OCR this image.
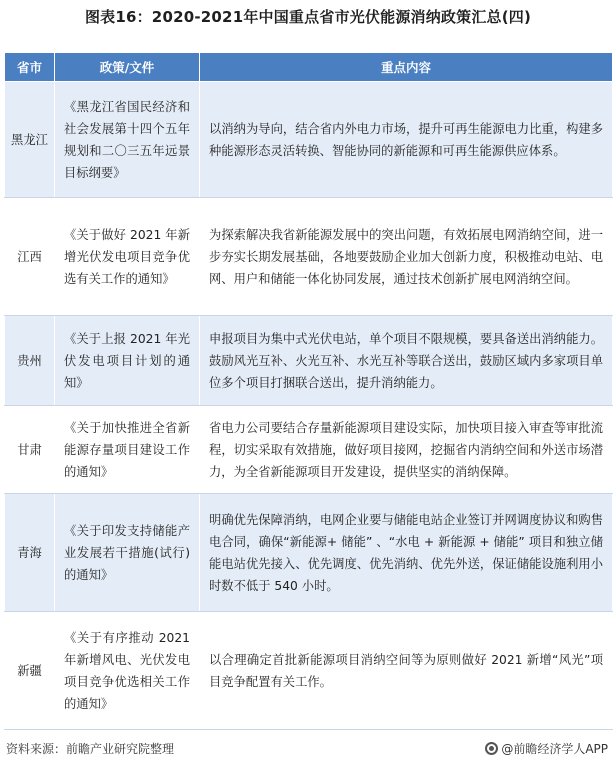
图表16：2020-2021年中国重点省市光伏能源消纳政策汇总(四)
省市	政策/文件	重点内容
黑龙江	《黑龙江省国民经济和社会发展第十四个五年规划和二〇三五年远景目标纲要》	以消纳为导向，结合省内外电力市场，提升可再生能源电力比重，构建多种能源形态灵活转换、智能协同的新能源和可再生能源供应体系。
江西	《关于做好 2021 年新增光伏发电项目竞争优选有关工作的通知》	为探索解决我省新能源发展中的突出问题，有效拓展电网消纳空间，进一步夯实长期发展基础，各地要鼓励企业加大创新力度，积极推动电站、电网、用户和储能一体化协同发展，通过技术创新扩展电网消纳空间。
贵州	《关于上报 2021 年光伏发电项目计划的通知》	申报项目为集中式光伏电站，单个项目不限规模，要具备送出消纳能力。鼓励风光互补、火光互补、水光互补等联合送出，鼓励区域内多家项目单位多个项目打捆联合送出，提升消纳能力。
甘肃	《关于加快推进全省新能源存量项目建设工作的通知》	省电力公司要结合存量新能源项目建设实际，加快项目接入审查等审批流程，切实采取有效措施，做好项目接网，挖掘省内消纳空间和外送市场潜力，为全省新能源项目开发建设，提供坚实的消纳保障。
青海	《关于印发支持储能产业发展若干措施(试行)的通知》	明确优先保障消纳，电网企业要与储能电站企业签订并网调度协议和购售电合同，确保“新能源+ 储能” 、“水电 + 新能源 + 储能” 项目和独立储能电站优先接入、优先调度、优先消纳、优先外送，保证储能设施利用小时数不低于 540 小时。
新疆	《关于有序推动 2021 年新增风电、光伏发电项目竞争优选相关工作的通知》	以合理确定首批新能源项目消纳空间等为原则做好 2021 新增“风光”项目竞争配置有关工作。
资料来源：前瞻产业研究院整理	@前瞻经济学人APP
